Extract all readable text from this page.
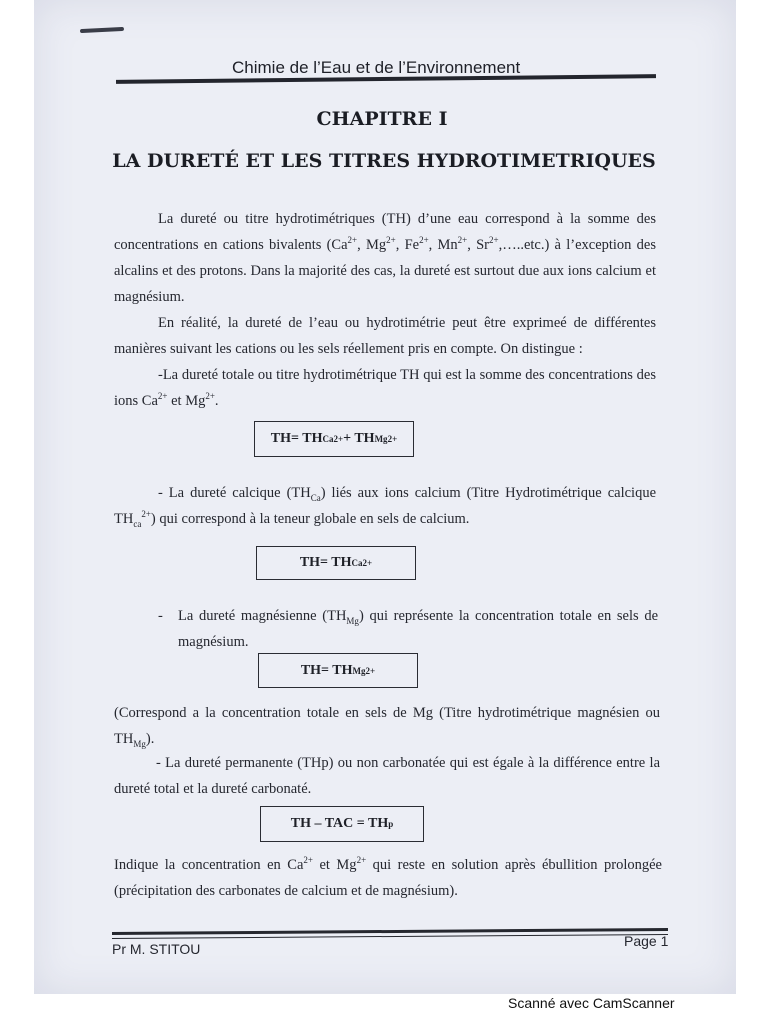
Chimie de l’Eau et de l’Environnement
CHAPITRE I
LA DURETÉ ET LES TITRES HYDROTIMETRIQUES
La dureté ou titre hydrotimétriques (TH) d’une eau correspond à la somme des concentrations en cations bivalents ($Ca^{2+}$, $Mg^{2+}$, $Fe^{2+}$, $Mn^{2+}$, $Sr^{2+},\dots..etc$.) à l’exception des alcalins et des protons. Dans la majorité des cas, la dureté est surtout due aux ions calcium et magnésium.
En réalité, la dureté de l’eau ou hydrotimétrie peut être exprimeé de différentes manières suivant les cations ou les sels réellement pris en compte. On distingue :
-La dureté totale ou titre hydrotimétrique TH qui est la somme des concentrations des ions $Ca^{2+}$ et $Mg^{2+}$.
TH= TH Ca 2+ + TH Mg 2+
- La dureté calcique $(TH_{Ca})$ liés aux ions calcium (Titre Hydrotimétrique calcique $TH_{ca}^{2+}$) qui correspond à la teneur globale en sels de calcium.
TH= TH Ca 2+
-	La dureté magnésienne $(TH_{Mg})$ qui représente la concentration totale en sels de magnésium.
TH= TH Mg 2+
(Correspond a la concentration totale en sels de Mg (Titre hydrotimétrique magnésien ou $TH_{Mg}$).
- La dureté permanente (THp) ou non carbonatée qui est égale à la différence entre la dureté total et la dureté carbonaté.
TH – TAC = TH p
Indique la concentration en $Ca^{2+}$ et $Mg^{2+}$ qui reste en solution après ébullition prolongée (précipitation des carbonates de calcium et de magnésium).
Pr M. STITOU	Page 1
Scanné avec CamScanner
